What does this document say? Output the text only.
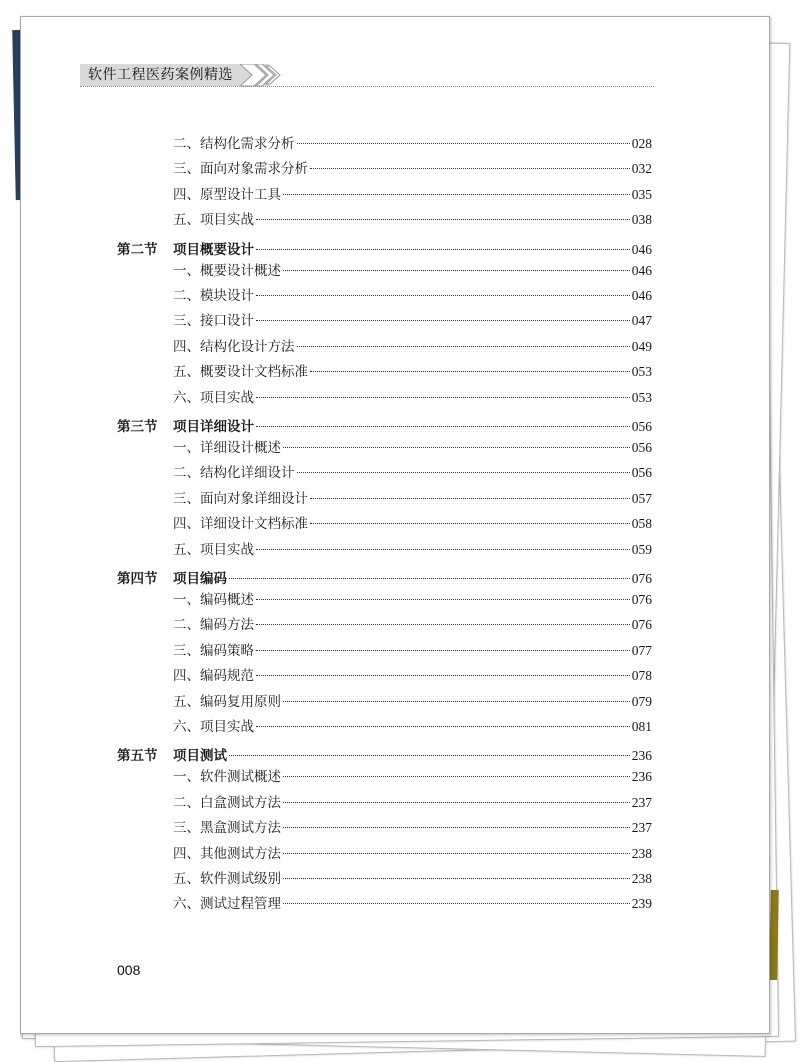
软件工程医药案例精选
二、结构化需求分析	028
三、面向对象需求分析	032
四、原型设计工具	035
五、项目实战	038
第二节	项目概要设计	046
一、概要设计概述	046
二、模块设计	046
三、接口设计	047
四、结构化设计方法	049
五、概要设计文档标准	053
六、项目实战	053
第三节	项目详细设计	056
一、详细设计概述	056
二、结构化详细设计	056
三、面向对象详细设计	057
四、详细设计文档标准	058
五、项目实战	059
第四节	项目编码	076
一、编码概述	076
二、编码方法	076
三、编码策略	077
四、编码规范	078
五、编码复用原则	079
六、项目实战	081
第五节	项目测试	236
一、软件测试概述	236
二、白盒测试方法	237
三、黑盒测试方法	237
四、其他测试方法	238
五、软件测试级别	238
六、测试过程管理	239
008
